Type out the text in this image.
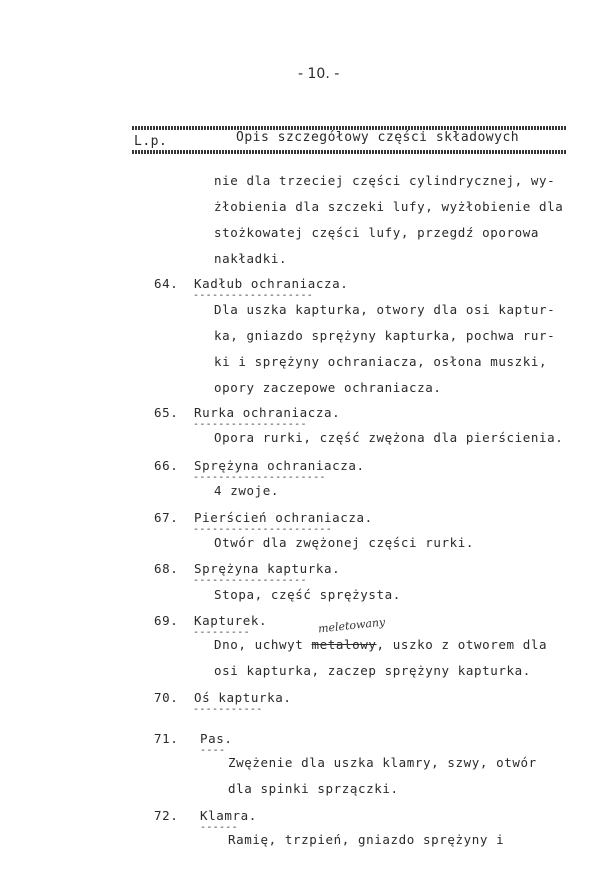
- 10. -
L.p.	Opis szczegółowy części składowych
nie dla trzeciej części cylindrycznej, wy-
żłobienia dla szczeki lufy, wyżłobienie dla
stożkowatej części lufy, przegdź oporowa
nakładki.
64. Kadłub ochraniacza.
-------------------
Dla uszka kapturka, otwory dla osi kaptur-
ka, gniazdo sprężyny kapturka, pochwa rur-
ki i sprężyny ochraniacza, osłona muszki,
opory zaczepowe ochraniacza.
65. Rurka ochraniacza.
------------------
Opora rurki, część zwężona dla pierścienia.
66. Sprężyna ochraniacza.
---------------------
4 zwoje.
67. Pierścień ochraniacza.
----------------------
Otwór dla zwężonej części rurki.
68. Sprężyna kapturka.
------------------
Stopa, część sprężysta.
69. Kapturek.
---------	meletowany
Dno, uchwyt metalowy, uszko z otworem dla
osi kapturka, zaczep sprężyny kapturka.
70. Oś kapturka.
-----------
71. Pas.
----
Zwężenie dla uszka klamry, szwy, otwór
dla spinki sprzączki.
72. Klamra.
------
Ramię, trzpień, gniazdo sprężyny i
